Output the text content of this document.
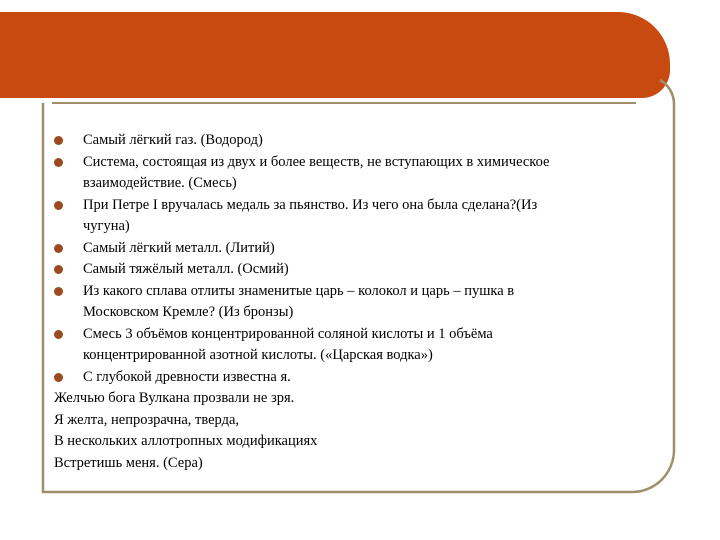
Самый лёгкий газ. (Водород)
Система, состоящая из двух и более веществ, не вступающих в химическое взаимодействие. (Смесь)
При Петре I вручалась медаль за пьянство. Из чего она была сделана?(Из чугуна)
Самый лёгкий металл. (Литий)
Самый тяжёлый металл. (Осмий)
Из какого сплава отлиты знаменитые царь – колокол и царь – пушка в Московском Кремле? (Из бронзы)
Смесь 3 объёмов концентрированной соляной кислоты и 1 объёма концентрированной азотной кислоты. («Царская водка»)
С глубокой древности известна я.
Желчью бога Вулкана прозвали не зря.
Я желта, непрозрачна, тверда,
В нескольких аллотропных модификациях
Встретишь меня. (Сера)
